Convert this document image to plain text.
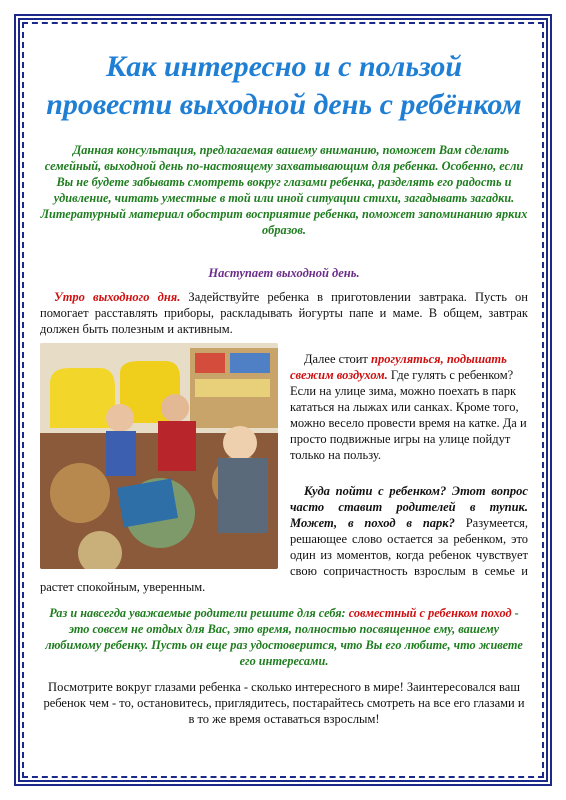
Как интересно и с пользой провести выходной день с ребёнком

Данная консультация, предлагаемая вашему вниманию, поможет Вам сделать семейный, выходной день по-настоящему захватывающим для ребенка. Особенно, если Вы не будете забывать смотреть вокруг глазами ребенка, разделять его радость и удивление, читать уместные в той или иной ситуации стихи, загадывать загадки. Литературный материал обострит восприятие ребенка, поможет запоминанию ярких образов.

Наступает выходной день.

Утро выходного дня. Задействуйте ребенка в приготовлении завтрака. Пусть он помогает расставлять приборы, раскладывать йогурты папе и маме. В общем, завтрак должен быть полезным и активным.

Далее стоит прогуляться, подышать свежим воздухом. Где гулять с ребенком? Если на улице зима, можно поехать в парк кататься на лыжах или санках. Кроме того, можно весело провести время на катке. Да и просто подвижные игры на улице пойдут только на пользу.
Куда пойти с ребенком? Этот вопрос часто ставит родителей в тупик. Может, в поход в парк? Разумеется, решающее слово остается за ребенком, это один из моментов, когда ребенок чувствует свою сопричастность взрослым в семье и растет спокойным, уверенным.
Раз и навсегда уважаемые родители решите для себя: совместный с ребенком поход - это совсем не отдых для Вас, это время, полностью посвященное ему, вашему любимому ребенку. Пусть он еще раз удостоверится, что Вы его любите, что живете его интересами.

Посмотрите вокруг глазами ребенка - сколько интересного в мире! Заинтересовался ваш ребенок чем - то, остановитесь, приглядитесь, постарайтесь смотреть на все его глазами и в то же время оставаться взрослым!
